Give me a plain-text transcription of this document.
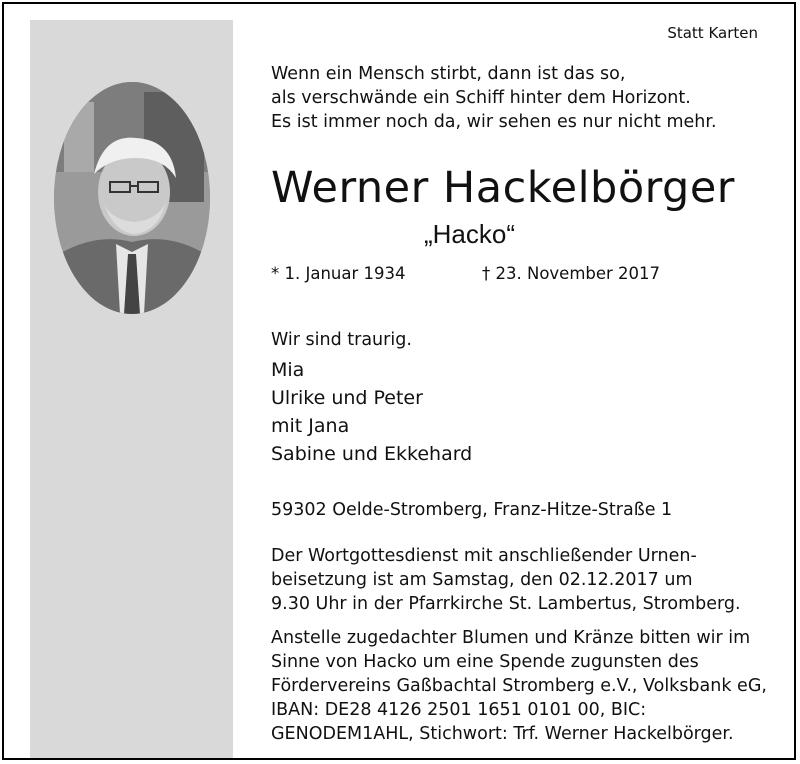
Statt Karten
Wenn ein Mensch stirbt, dann ist das so,
als verschwände ein Schiff hinter dem Horizont.
Es ist immer noch da, wir sehen es nur nicht mehr.
Werner Hackelbörger
„Hacko“
* 1. Januar 1934	† 23. November 2017
Wir sind traurig.
Mia
Ulrike und Peter
mit Jana
Sabine und Ekkehard
59302 Oelde-Stromberg, Franz-Hitze-Straße 1
Der Wortgottesdienst mit anschließender Urnen-
beisetzung ist am Samstag, den 02.12.2017 um
9.30 Uhr in der Pfarrkirche St. Lambertus, Stromberg.
Anstelle zugedachter Blumen und Kränze bitten wir im
Sinne von Hacko um eine Spende zugunsten des
Fördervereins Gaßbachtal Stromberg e.V., Volksbank eG,
IBAN: DE28 4126 2501 1651 0101 00, BIC:
GENODEM1AHL, Stichwort: Trf. Werner Hackelbörger.
